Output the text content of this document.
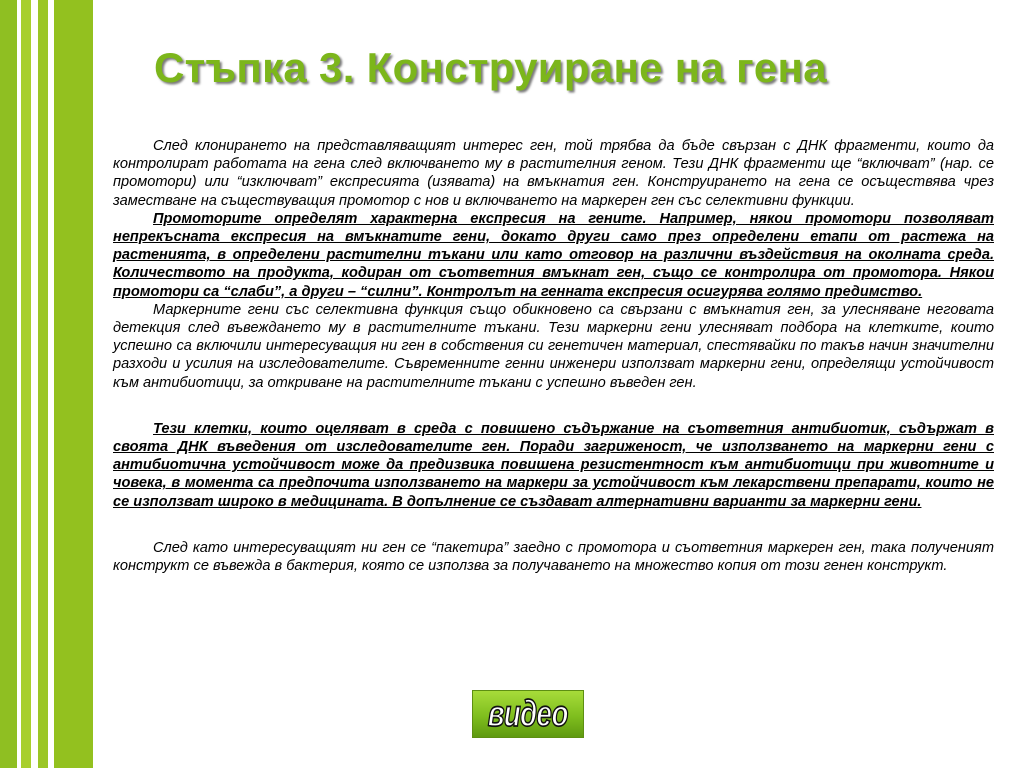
Стъпка 3. Конструиране на гена

След клонирането на представляващият интерес ген, той трябва да бъде свързан с ДНК фрагменти, които да контролират работата на гена след включването му в растителния геном. Тези ДНК фрагменти ще “включват” (нар. се промотори) или “изключват” експресията (изявата) на вмъкнатия ген. Конструирането на гена се осъществява чрез заместване на съществуващия промотор с нов и включването на маркерен ген със селективни функции.

Промоторите определят характерна експресия на гените. Например, някои промотори позволяват непрекъсната експресия на вмъкнатите гени, докато други само през определени етапи от растежа на растенията, в определени растителни тъкани или като отговор на различни въздействия на околната среда. Количеството на продукта, кодиран от съответния вмъкнат ген, също се контролира от промотора. Някои промотори са “слаби”, а други – “силни”. Контролът на генната експресия осигурява голямо предимство.

Маркерните гени със селективна функция също обикновено са свързани с вмъкнатия ген, за улесняване неговата детекция след въвеждането му в растителните тъкани. Тези маркерни гени улесняват подбора на клетките, които успешно са включили интересуващия ни ген в собствения си генетичен материал, спестявайки по такъв начин значителни разходи и усилия на изследователите. Съвременните генни инженери използват маркерни гени, определящи устойчивост към антибиотици, за откриване на растителните тъкани с успешно въведен ген.

Тези клетки, които оцеляват в среда с повишено съдържание на съответния антибиотик, съдържат в своята ДНК въведения от изследователите ген. Поради загриженост, че използването на маркерни гени с антибиотична устойчивост може да предизвика повишена резистентност към антибиотици при животните и човека, в момента са предпочита използването на маркери за устойчивост към лекарствени препарати, които не се използват широко в медицината. В допълнение се създават алтернативни варианти за маркерни гени.

След като интересуващият ни ген се “пакетира” заедно с промотора и съответния маркерен ген, така полученият конструкт се въвежда в бактерия, която се използва за получаването на множество копия от този генен конструкт.

видео
